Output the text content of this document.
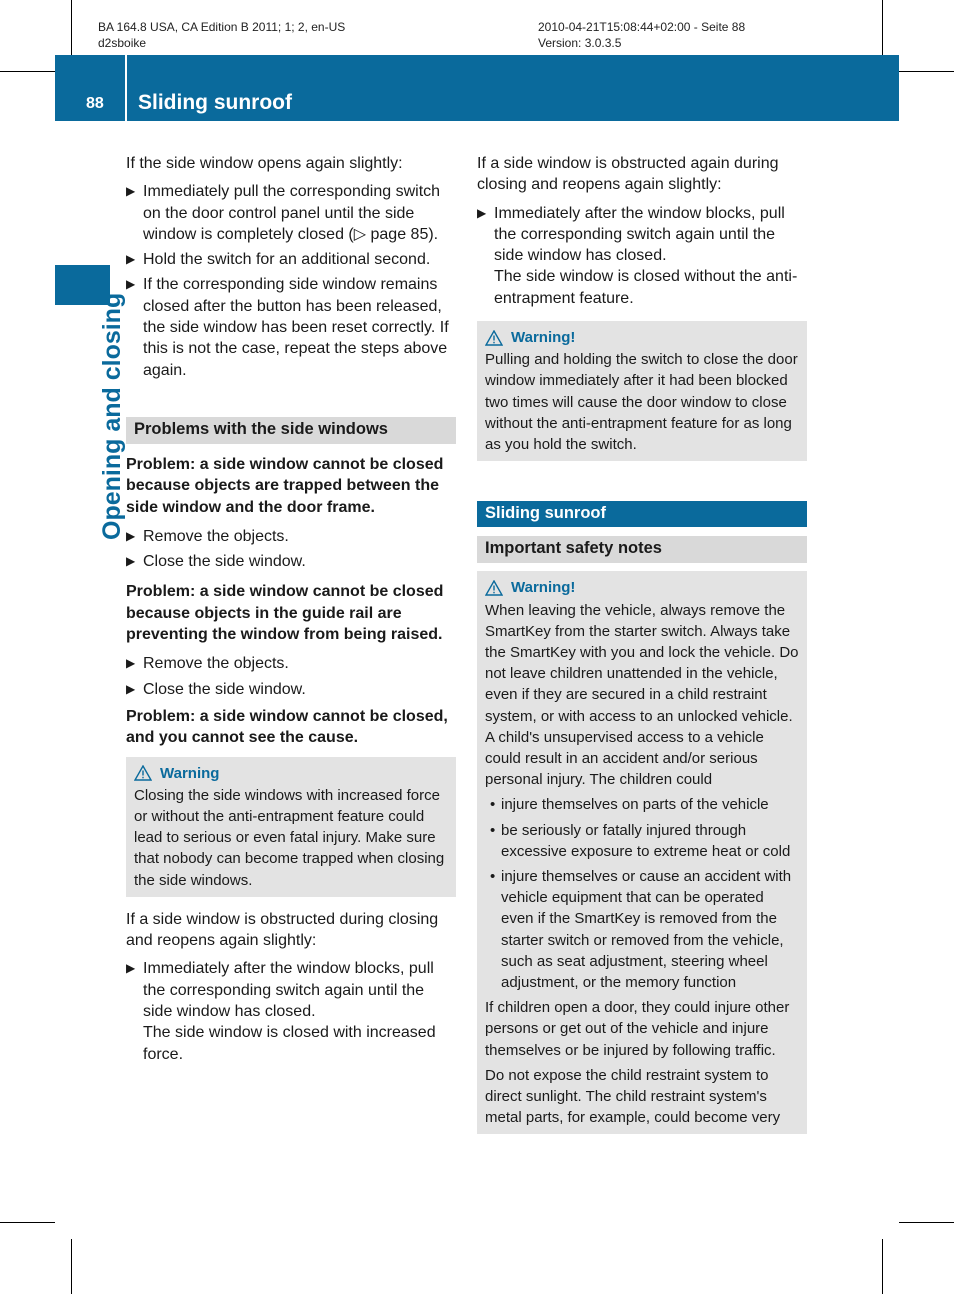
BA 164.8 USA, CA Edition B 2011; 1; 2, en-US
d2sboike
2010-04-21T15:08:44+02:00 - Seite 88
Version: 3.0.3.5
88 Sliding sunroof
Opening and closing

If the side window opens again slightly:

▶ Immediately pull the corresponding switch on the door control panel until the side window is completely closed (▷ page 85).
▶ Hold the switch for an additional second.
▶ If the corresponding side window remains closed after the button has been released, the side window has been reset correctly. If this is not the case, repeat the steps above again.
Problems with the side windows

Problem: a side window cannot be closed because objects are trapped between the side window and the door frame.

▶ Remove the objects.
▶ Close the side window.

Problem: a side window cannot be closed because objects in the guide rail are preventing the window from being raised.

▶ Remove the objects.
▶ Close the side window.

Problem: a side window cannot be closed, and you cannot see the cause.

Warning
Closing the side windows with increased force or without the anti-entrapment feature could lead to serious or even fatal injury. Make sure that nobody can become trapped when closing the side windows.

If a side window is obstructed during closing and reopens again slightly:

▶ Immediately after the window blocks, pull the corresponding switch again until the side window has closed.
The side window is closed with increased force.

If a side window is obstructed again during closing and reopens again slightly:

▶ Immediately after the window blocks, pull the corresponding switch again until the side window has closed.
The side window is closed without the anti-entrapment feature.
Warning!
Pulling and holding the switch to close the door window immediately after it had been blocked two times will cause the door window to close without the anti-entrapment feature for as long as you hold the switch.
Sliding sunroof
Important safety notes
Warning!
When leaving the vehicle, always remove the SmartKey from the starter switch. Always take the SmartKey with you and lock the vehicle. Do not leave children unattended in the vehicle, even if they are secured in a child restraint system, or with access to an unlocked vehicle. A child's unsupervised access to a vehicle could result in an accident and/or serious personal injury. The children could
• injure themselves on parts of the vehicle
• be seriously or fatally injured through excessive exposure to extreme heat or cold
• injure themselves or cause an accident with vehicle equipment that can be operated even if the SmartKey is removed from the starter switch or removed from the vehicle, such as seat adjustment, steering wheel adjustment, or the memory function
If children open a door, they could injure other persons or get out of the vehicle and injure themselves or be injured by following traffic.
Do not expose the child restraint system to direct sunlight. The child restraint system's metal parts, for example, could become very
